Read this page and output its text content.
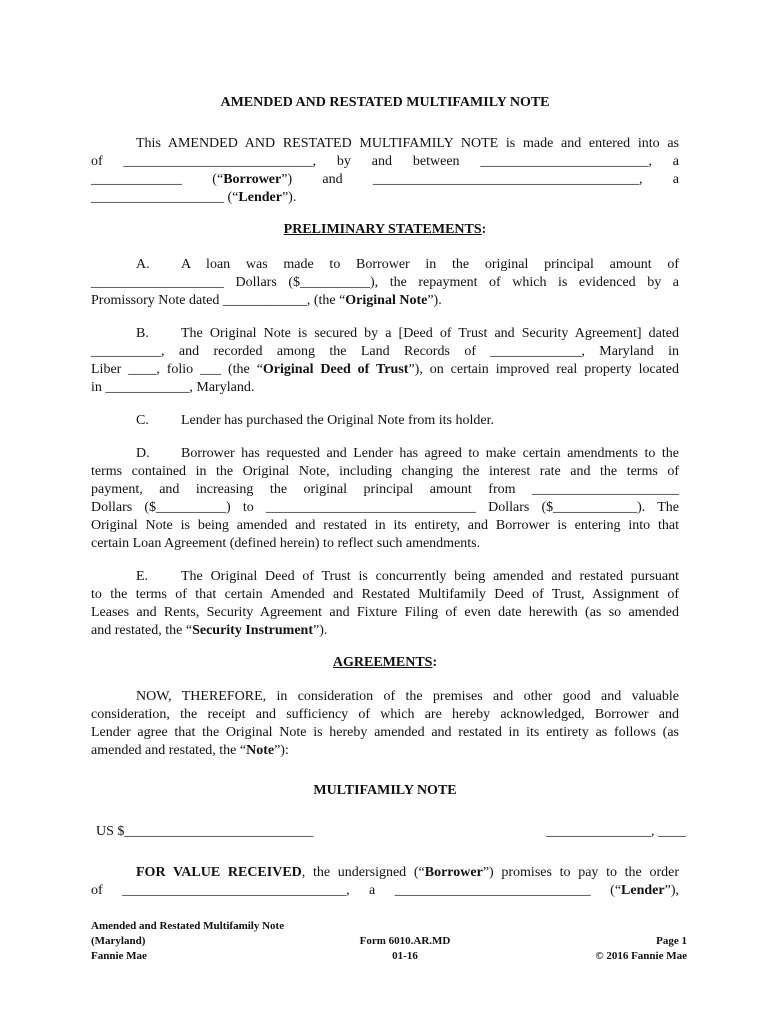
AMENDED AND RESTATED MULTIFAMILY NOTE
This AMENDED AND RESTATED MULTIFAMILY NOTE is made and entered into as
of ___________________________, by and between ________________________, a
_____________ (“Borrower”) and ______________________________________, a
___________________ (“Lender”).
PRELIMINARY STATEMENTS:
A. A loan was made to Borrower in the original principal amount of
___________________ Dollars ($__________), the repayment of which is evidenced by a
Promissory Note dated ____________, (the “Original Note”).
B. The Original Note is secured by a [Deed of Trust and Security Agreement] dated
__________, and recorded among the Land Records of _____________, Maryland in
Liber ____, folio ___ (the “Original Deed of Trust”), on certain improved real property located
in ____________, Maryland.
C. Lender has purchased the Original Note from its holder.
D. Borrower has requested and Lender has agreed to make certain amendments to the
terms contained in the Original Note, including changing the interest rate and the terms of
payment, and increasing the original principal amount from _____________________
Dollars ($__________) to ______________________________ Dollars ($____________). The
Original Note is being amended and restated in its entirety, and Borrower is entering into that
certain Loan Agreement (defined herein) to reflect such amendments.
E. The Original Deed of Trust is concurrently being amended and restated pursuant
to the terms of that certain Amended and Restated Multifamily Deed of Trust, Assignment of
Leases and Rents, Security Agreement and Fixture Filing of even date herewith (as so amended
and restated, the “Security Instrument”).
AGREEMENTS:
NOW, THEREFORE, in consideration of the premises and other good and valuable
consideration, the receipt and sufficiency of which are hereby acknowledged, Borrower and
Lender agree that the Original Note is hereby amended and restated in its entirety as follows (as
amended and restated, the “Note”):
MULTIFAMILY NOTE
US $___________________________	_______________, ____
FOR VALUE RECEIVED, the undersigned (“Borrower”) promises to pay to the order
of ________________________________, a ____________________________ (“Lender”),
Amended and Restated Multifamily Note
(Maryland)
Fannie Mae
Form 6010.AR.MD
01-16
Page 1
© 2016 Fannie Mae
